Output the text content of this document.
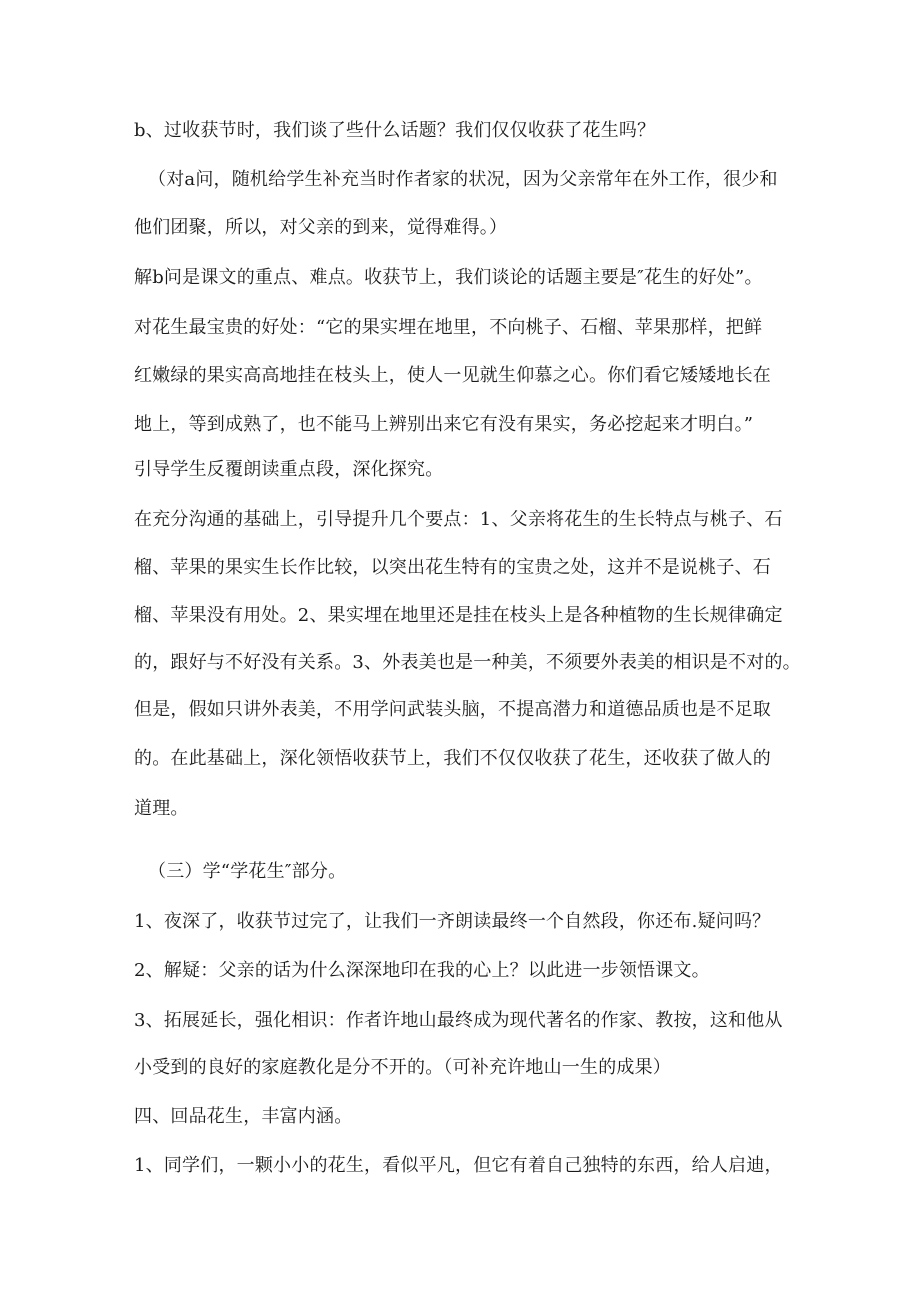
b、过收获节时，我们谈了些什么话题？我们仅仅收获了花生吗？
（对a问，随机给学生补充当时作者家的状况，因为父亲常年在外工作，很少和
他们团聚，所以，对父亲的到来，觉得难得。）
解b问是课文的重点、难点。收获节上，我们谈论的话题主要是″花生的好处”。
对花生最宝贵的好处：“它的果实埋在地里，不向桃子、石榴、苹果那样，把鲜
红嫩绿的果实高高地挂在枝头上，使人一见就生仰慕之心。你们看它矮矮地长在
地上，等到成熟了，也不能马上辨别出来它有没有果实，务必挖起来才明白。”
引导学生反覆朗读重点段，深化探究。
在充分沟通的基础上，引导提升几个要点：1、父亲将花生的生长特点与桃子、石
榴、苹果的果实生长作比较，以突出花生特有的宝贵之处，这并不是说桃子、石
榴、苹果没有用处。2、果实埋在地里还是挂在枝头上是各种植物的生长规律确定
的，跟好与不好没有关系。3、外表美也是一种美，不须要外表美的相识是不对的。
但是，假如只讲外表美，不用学问武装头脑，不提高潜力和道德品质也是不足取
的。在此基础上，深化领悟收获节上，我们不仅仅收获了花生，还收获了做人的
道理。
（三）学“学花生″部分。
1、夜深了，收获节过完了，让我们一齐朗读最终一个自然段，你还布.疑问吗？
2、解疑：父亲的话为什么深深地印在我的心上？以此进一步领悟课文。
3、拓展延长，强化相识：作者许地山最终成为现代著名的作家、教按，这和他从
小受到的良好的家庭教化是分不开的。（可补充许地山一生的成果）
四、回品花生，丰富内涵。
1、同学们，一颗小小的花生，看似平凡，但它有着自己独特的东西，给人启迪，
